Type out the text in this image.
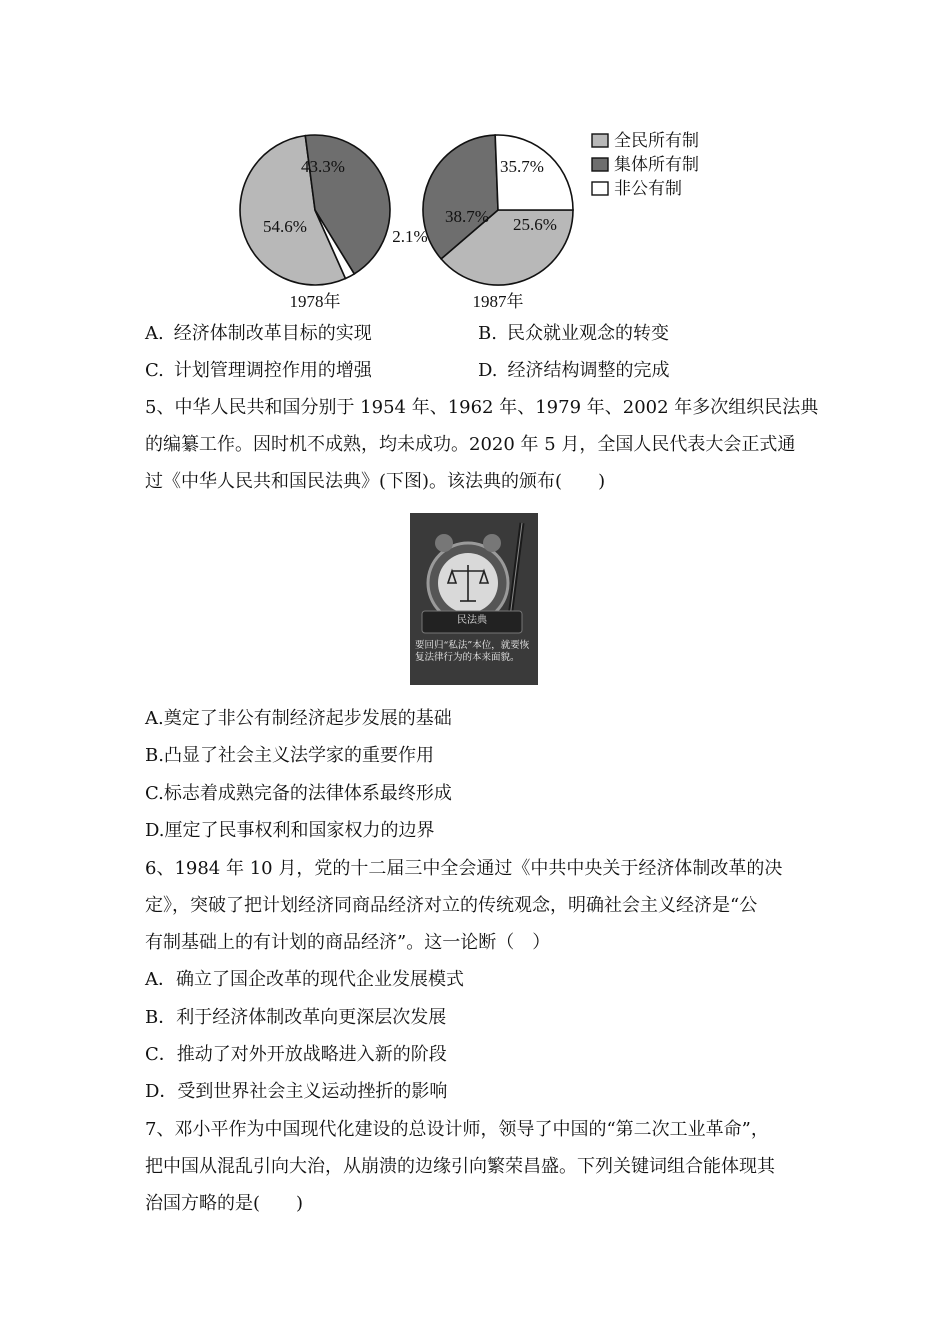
54.6%
43.3%
2.1%
1978年
38.7%
35.7%
25.6%
1987年
全民所有制
集体所有制
非公有制
A. 经济体制改革目标的实现	B. 民众就业观念的转变
C. 计划管理调控作用的增强	D. 经济结构调整的完成
5、中华人民共和国分别于 1954 年、1962 年、1979 年、2002 年多次组织民法典
的编纂工作。因时机不成熟，均未成功。2020 年 5 月，全国人民代表大会正式通
过《中华人民共和国民法典》(下图)。该法典的颁布(　　)
民法典
要回归“私法”本位，就要恢复法律行为的本来面貌。
A.奠定了非公有制经济起步发展的基础
B.凸显了社会主义法学家的重要作用
C.标志着成熟完备的法律体系最终形成
D.厘定了民事权利和国家权力的边界
6、1984 年 10 月，党的十二届三中全会通过《中共中央关于经济体制改革的决
定》，突破了把计划经济同商品经济对立的传统观念，明确社会主义经济是“公
有制基础上的有计划的商品经济”。这一论断（　）
A．确立了国企改革的现代企业发展模式
B．利于经济体制改革向更深层次发展
C．推动了对外开放战略进入新的阶段
D．受到世界社会主义运动挫折的影响
7、邓小平作为中国现代化建设的总设计师，领导了中国的“第二次工业革命”，
把中国从混乱引向大治，从崩溃的边缘引向繁荣昌盛。下列关键词组合能体现其
治国方略的是(　　)
